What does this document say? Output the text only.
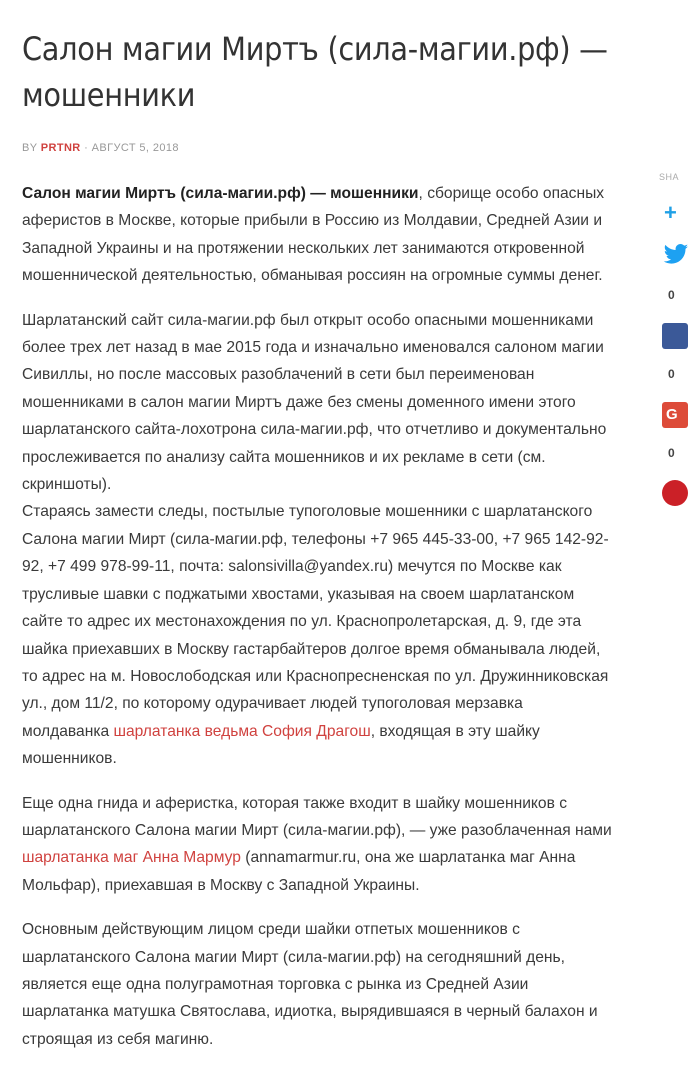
Салон магии Миртъ (сила-магии.рф) — мошенники
BY PRTNR · АВГУСТ 5, 2018

Салон магии Миртъ (сила-магии.рф) — мошенники, сборище особо опасных аферистов в Москве, которые прибыли в Россию из Молдавии, Средней Азии и Западной Украины и на протяжении нескольких лет занимаются откровенной мошеннической деятельностью, обманывая россиян на огромные суммы денег.

Шарлатанский сайт сила-магии.рф был открыт особо опасными мошенниками более трех лет назад в мае 2015 года и изначально именовался салоном магии Сивиллы, но после массовых разоблачений в сети был переименован мошенниками в салон магии Миртъ даже без смены доменного имени этого шарлатанского сайта-лохотрона сила-магии.рф, что отчетливо и документально прослеживается по анализу сайта мошенников и их рекламе в сети (см. скриншоты).

Стараясь замести следы, постылые тупоголовые мошенники с шарлатанского Салона магии Мирт (сила-магии.рф, телефоны +7 965 445-33-00, +7 965 142-92-92, +7 499 978-99-11, почта: salonsivilla@yandex.ru) мечутся по Москве как трусливые шавки с поджатыми хвостами, указывая на своем шарлатанском сайте то адрес их местонахождения по ул. Краснопролетарская, д. 9, где эта шайка приехавших в Москву гастарбайтеров долгое время обманывала людей, то адрес на м. Новослободская или Краснопресненская по ул. Дружинниковская ул., дом 11/2, по которому одурачивает людей тупоголовая мерзавка молдаванка шарлатанка ведьма София Драгош, входящая в эту шайку мошенников.

Еще одна гнида и аферистка, которая также входит в шайку мошенников с шарлатанского Салона магии Мирт (сила-магии.рф), — уже разоблаченная нами шарлатанка маг Анна Мармур (annamarmur.ru, она же шарлатанка маг Анна Мольфар), приехавшая в Москву с Западной Украины.

Основным действующим лицом среди шайки отпетых мошенников с шарлатанского Салона магии Мирт (сила-магии.рф) на сегодняшний день, является еще одна полуграмотная торговка с рынка из Средней Азии шарлатанка матушка Святослава, идиотка, вырядившаяся в черный балахон и строящая из себя магиню.

SHA
+
0
0
G
0
